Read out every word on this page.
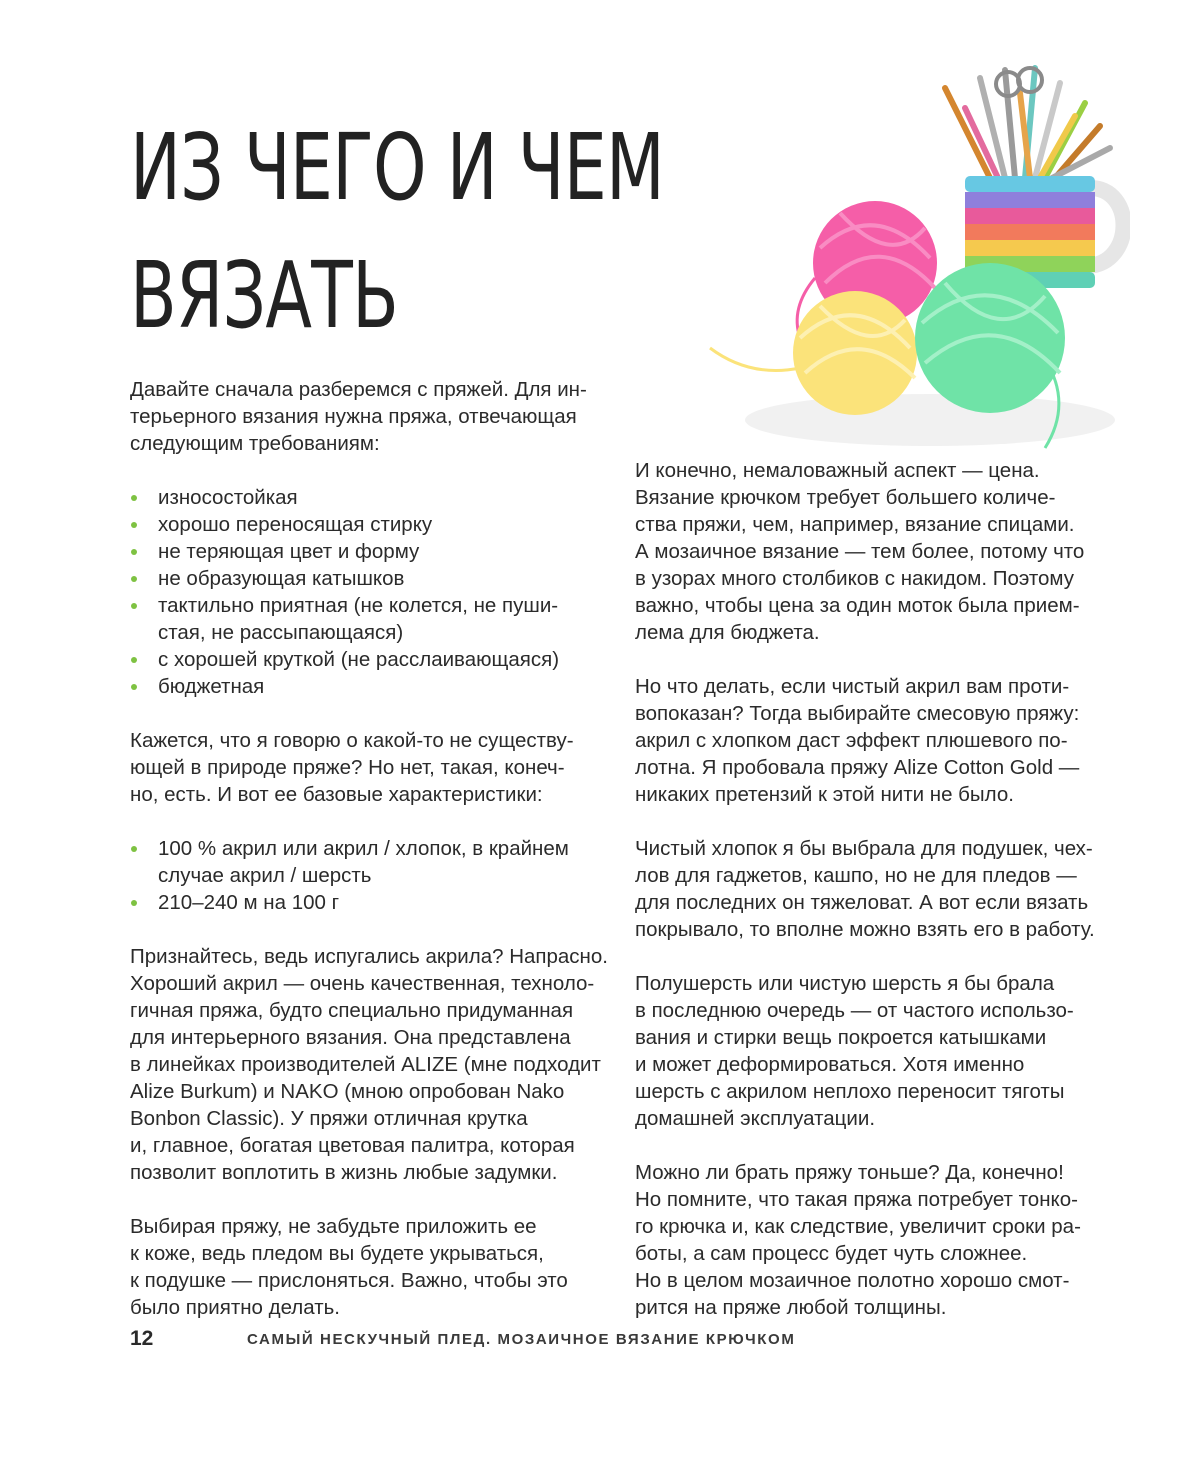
ИЗ ЧЕГО И ЧЕМ
ВЯЗАТЬ

Давайте сначала разберемся с пряжей. Для ин-
терьерного вязания нужна пряжа, отвечающая
следующим требованиям:

износостойкая
хорошо переносящая стирку
не теряющая цвет и форму
не образующая катышков
тактильно приятная (не колется, не пуши-
стая, не рассыпающаяся)
с хорошей круткой (не расслаивающаяся)
бюджетная

Кажется, что я говорю о какой-то не существу-
ющей в природе пряже? Но нет, такая, конеч-
но, есть. И вот ее базовые характеристики:

100 % акрил или акрил / хлопок, в крайнем
случае акрил / шерсть
210–240 м на 100 г

Признайтесь, ведь испугались акрила? Напрасно.
Хороший акрил — очень качественная, техноло-
гичная пряжа, будто специально придуманная
для интерьерного вязания. Она представлена
в линейках производителей ALIZE (мне подходит
Alize Burkum) и NAKO (мною опробован Nako
Bonbon Classic). У пряжи отличная крутка
и, главное, богатая цветовая палитра, которая
позволит воплотить в жизнь любые задумки.

Выбирая пряжу, не забудьте приложить ее
к коже, ведь пледом вы будете укрываться,
к подушке — прислоняться. Важно, чтобы это
было приятно делать.

И конечно, немаловажный аспект — цена.
Вязание крючком требует большего количе-
ства пряжи, чем, например, вязание спицами.
А мозаичное вязание — тем более, потому что
в узорах много столбиков с накидом. Поэтому
важно, чтобы цена за один моток была прием-
лема для бюджета.

Но что делать, если чистый акрил вам проти-
вопоказан? Тогда выбирайте смесовую пряжу:
акрил с хлопком даст эффект плюшевого по-
лотна. Я пробовала пряжу Alize Cotton Gold —
никаких претензий к этой нити не было.

Чистый хлопок я бы выбрала для подушек, чех-
лов для гаджетов, кашпо, но не для пледов —
для последних он тяжеловат. А вот если вязать
покрывало, то вполне можно взять его в работу.

Полушерсть или чистую шерсть я бы брала
в последнюю очередь — от частого использо-
вания и стирки вещь покроется катышками
и может деформироваться. Хотя именно
шерсть с акрилом неплохо переносит тяготы
домашней эксплуатации.

Можно ли брать пряжу тоньше? Да, конечно!
Но помните, что такая пряжа потребует тонко-
го крючка и, как следствие, увеличит сроки ра-
боты, а сам процесс будет чуть сложнее.
Но в целом мозаичное полотно хорошо смот-
рится на пряже любой толщины.

12	САМЫЙ НЕСКУЧНЫЙ ПЛЕД. МОЗАИЧНОЕ ВЯЗАНИЕ КРЮЧКОМ
